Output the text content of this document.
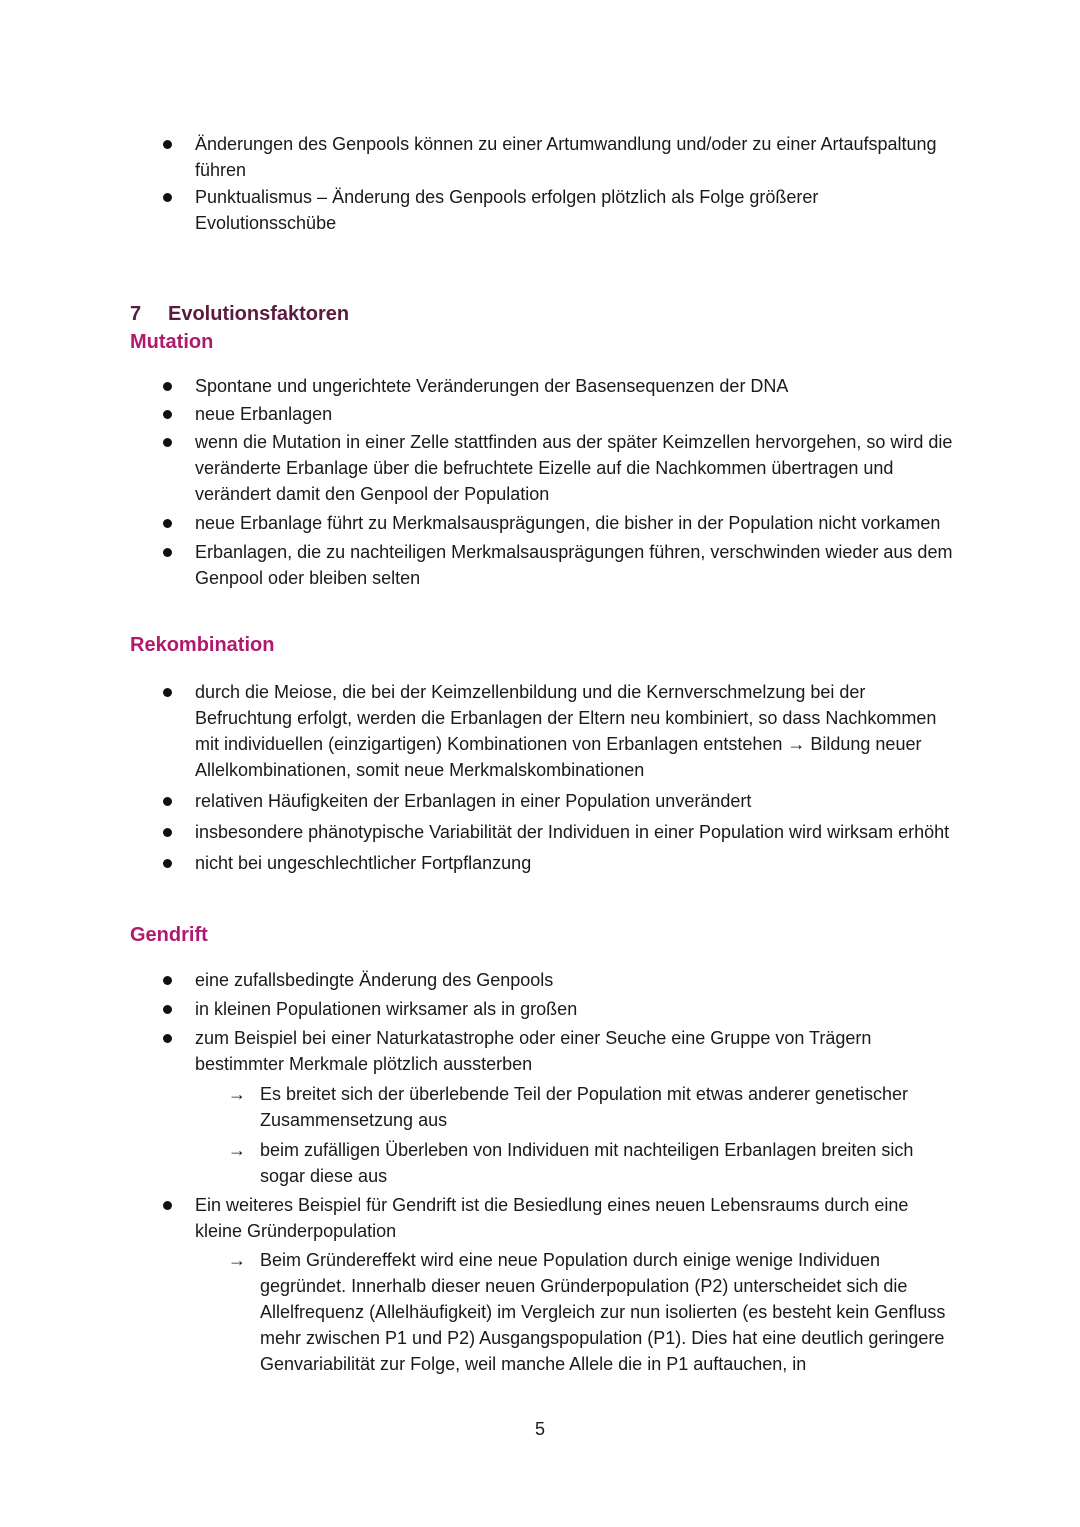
Änderungen des Genpools können zu einer Artumwandlung und/oder zu einer Artaufspaltung führen
Punktualismus – Änderung des Genpools erfolgen plötzlich als Folge größerer Evolutionsschübe
7 Evolutionsfaktoren
Mutation
Spontane und ungerichtete Veränderungen der Basensequenzen der DNA
neue Erbanlagen
wenn die Mutation in einer Zelle stattfinden aus der später Keimzellen hervorgehen, so wird die veränderte Erbanlage über die befruchtete Eizelle auf die Nachkommen übertragen und verändert damit den Genpool der Population
neue Erbanlage führt zu Merkmalsausprägungen, die bisher in der Population nicht vorkamen
Erbanlagen, die zu nachteiligen Merkmalsausprägungen führen, verschwinden wieder aus dem Genpool oder bleiben selten
Rekombination
durch die Meiose, die bei der Keimzellenbildung und die Kernverschmelzung bei der Befruchtung erfolgt, werden die Erbanlagen der Eltern neu kombiniert, so dass Nachkommen mit individuellen (einzigartigen) Kombinationen von Erbanlagen entstehen → Bildung neuer Allelkombinationen, somit neue Merkmalskombinationen
relativen Häufigkeiten der Erbanlagen in einer Population unverändert
insbesondere phänotypische Variabilität der Individuen in einer Population wird wirksam erhöht
nicht bei ungeschlechtlicher Fortpflanzung
Gendrift
eine zufallsbedingte Änderung des Genpools
in kleinen Populationen wirksamer als in großen
zum Beispiel bei einer Naturkatastrophe oder einer Seuche eine Gruppe von Trägern bestimmter Merkmale plötzlich aussterben
→ Es breitet sich der überlebende Teil der Population mit etwas anderer genetischer Zusammensetzung aus
→ beim zufälligen Überleben von Individuen mit nachteiligen Erbanlagen breiten sich sogar diese aus
Ein weiteres Beispiel für Gendrift ist die Besiedlung eines neuen Lebensraums durch eine kleine Gründerpopulation
→ Beim Gründereffekt wird eine neue Population durch einige wenige Individuen gegründet. Innerhalb dieser neuen Gründerpopulation (P2) unterscheidet sich die Allelfrequenz (Allelhäufigkeit) im Vergleich zur nun isolierten (es besteht kein Genfluss mehr zwischen P1 und P2) Ausgangspopulation (P1). Dies hat eine deutlich geringere Genvariabilität zur Folge, weil manche Allele die in P1 auftauchen, in
5
